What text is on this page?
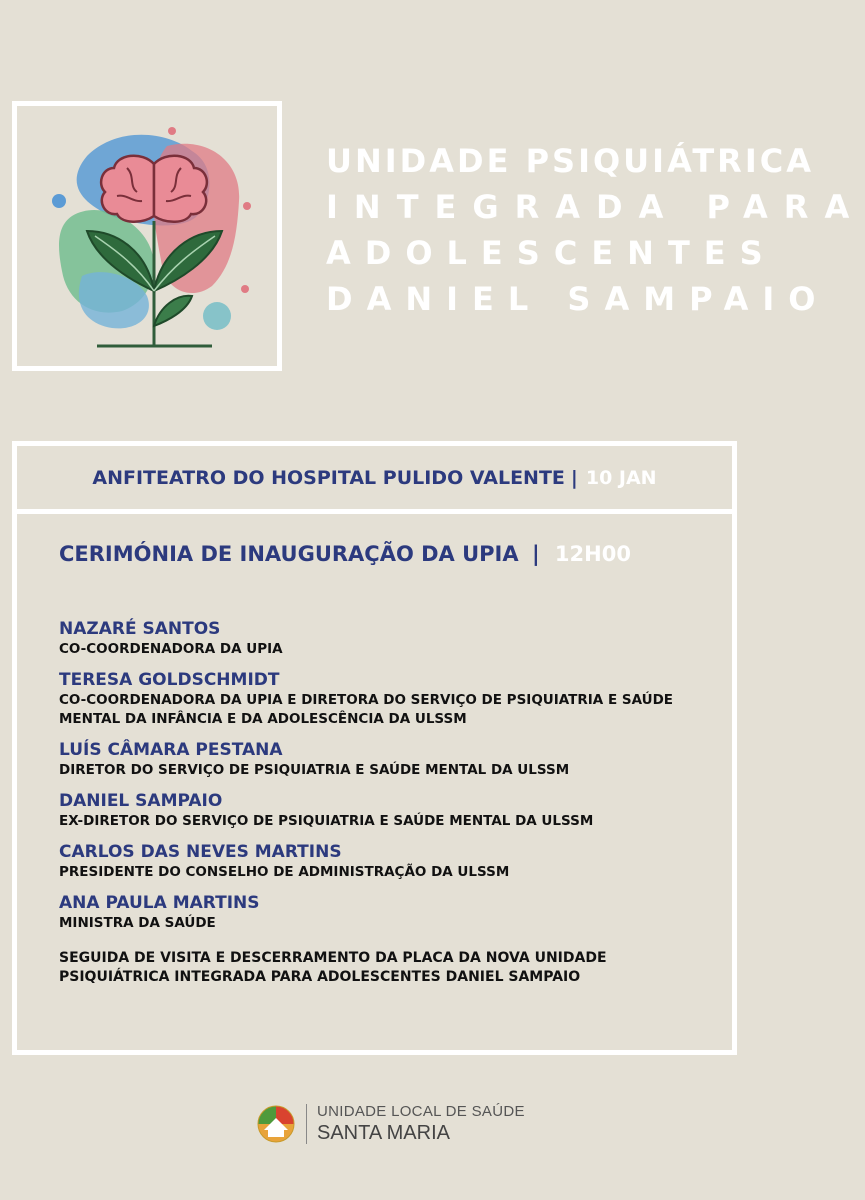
UNIDADE PSIQUIÁTRICA
INTEGRADA PARA
ADOLESCENTES
DANIEL SAMPAIO
ANFITEATRO DO HOSPITAL PULIDO VALENTE | 10 JAN
CERIMÓNIA DE INAUGURAÇÃO DA UPIA | 12H00
NAZARÉ SANTOS
CO-COORDENADORA DA UPIA
TERESA GOLDSCHMIDT
CO-COORDENADORA DA UPIA E DIRETORA DO SERVIÇO DE PSIQUIATRIA E SAÚDE MENTAL DA INFÂNCIA E DA ADOLESCÊNCIA DA ULSSM
LUÍS CÂMARA PESTANA
DIRETOR DO SERVIÇO DE PSIQUIATRIA E SAÚDE MENTAL DA ULSSM
DANIEL SAMPAIO
EX-DIRETOR DO SERVIÇO DE PSIQUIATRIA E SAÚDE MENTAL DA ULSSM
CARLOS DAS NEVES MARTINS
PRESIDENTE DO CONSELHO DE ADMINISTRAÇÃO DA ULSSM
ANA PAULA MARTINS
MINISTRA DA SAÚDE
SEGUIDA DE VISITA E DESCERRAMENTO DA PLACA DA NOVA UNIDADE PSIQUIÁTRICA INTEGRADA PARA ADOLESCENTES DANIEL SAMPAIO
UNIDADE LOCAL DE SAÚDE
SANTA MARIA
